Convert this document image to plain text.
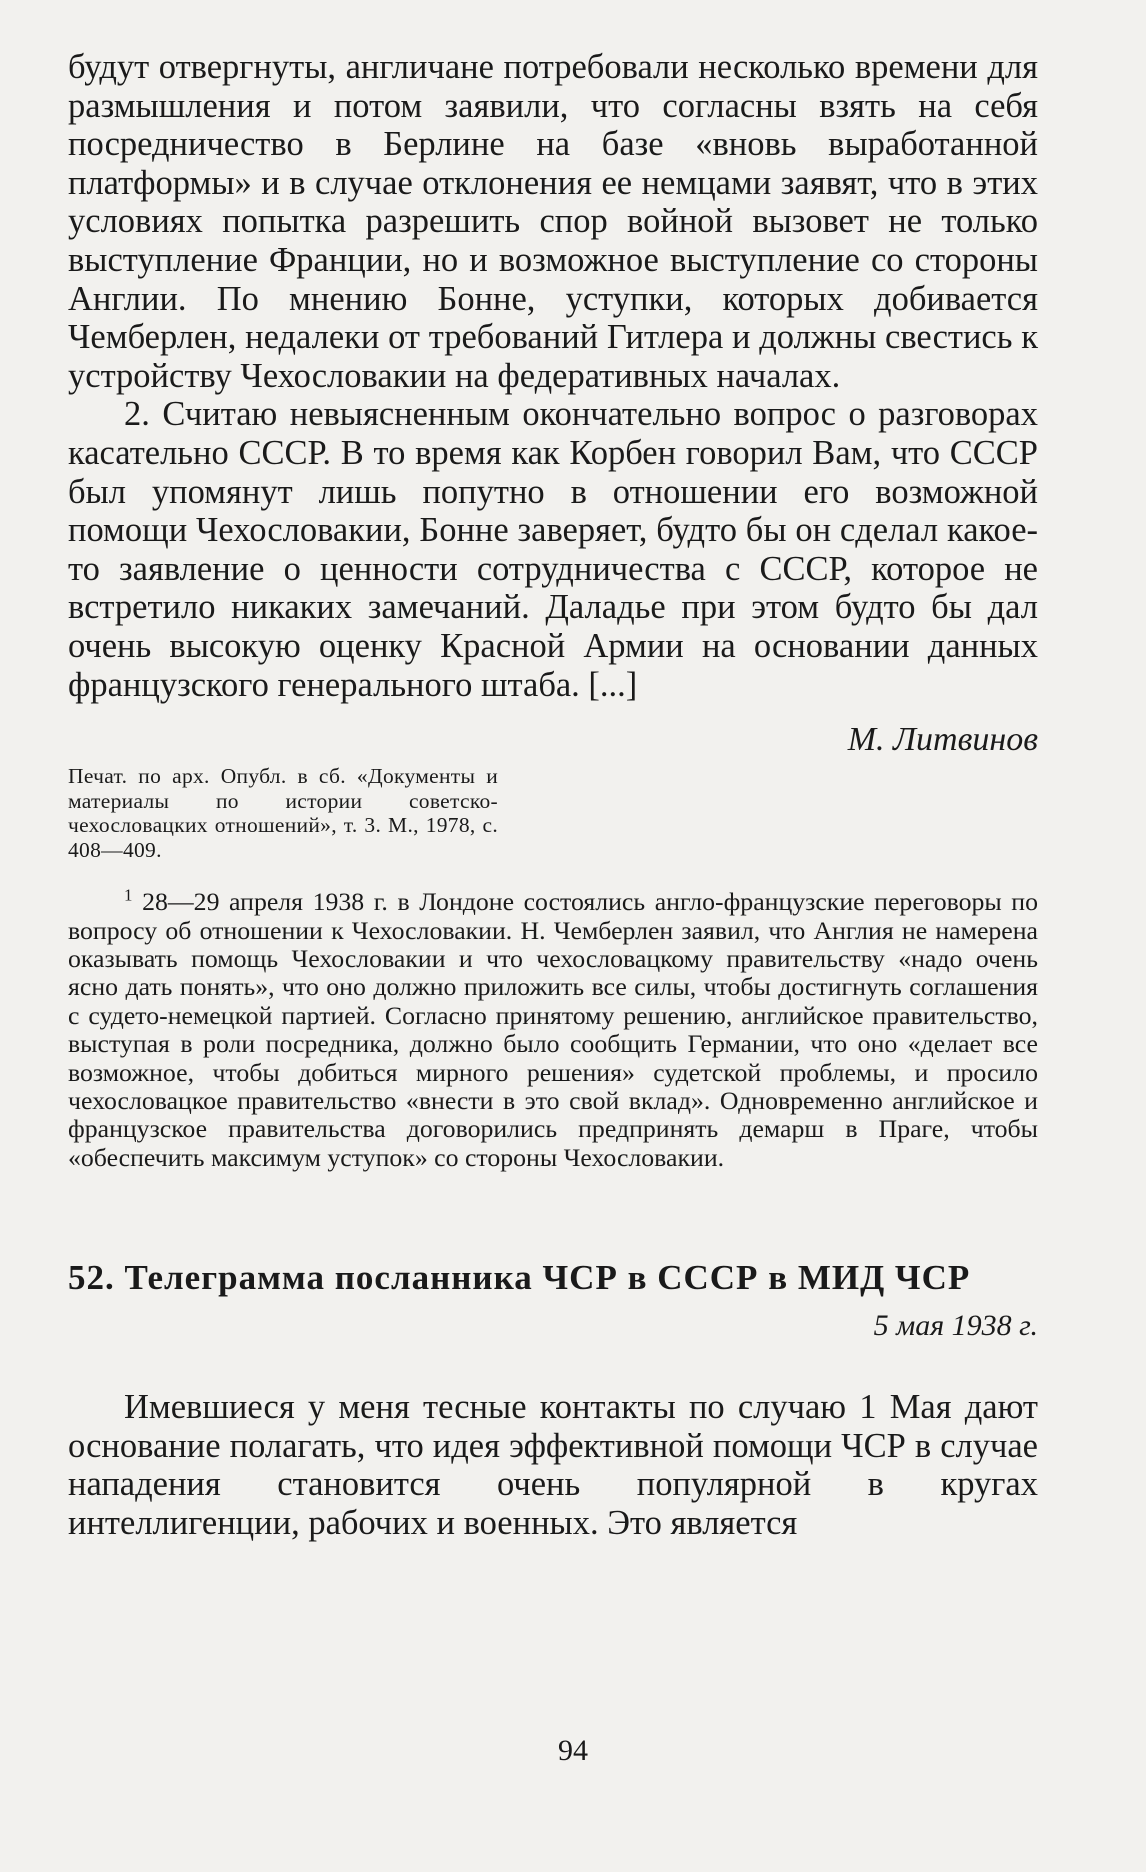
будут отвергнуты, англичане потребовали несколько времени для размышления и потом заявили, что согласны взять на себя посредничество в Берлине на базе «вновь выработанной платформы» и в случае отклонения ее немцами заявят, что в этих условиях попытка разрешить спор войной вызовет не только выступление Франции, но и возможное выступление со стороны Англии. По мнению Бонне, уступки, которых добивается Чемберлен, недалеки от требований Гитлера и должны свестись к устройству Чехословакии на федеративных началах.

2. Считаю невыясненным окончательно вопрос о разговорах касательно СССР. В то время как Корбен говорил Вам, что СССР был упомянут лишь попутно в отношении его возможной помощи Чехословакии, Бонне заверяет, будто бы он сделал какое-то заявление о ценности сотрудничества с СССР, которое не встретило никаких замечаний. Даладье при этом будто бы дал очень высокую оценку Красной Армии на основании данных французского генерального штаба. [...]

М. Литвинов

Печат. по арх. Опубл. в сб. «Документы и материалы по истории советско-чехословацких отношений», т. 3. М., 1978, с. 408—409.

$^1$ 28—29 апреля 1938 г. в Лондоне состоялись англо-французские переговоры по вопросу об отношении к Чехословакии. Н. Чемберлен заявил, что Англия не намерена оказывать помощь Чехословакии и что чехословацкому правительству «надо очень ясно дать понять», что оно должно приложить все силы, чтобы достигнуть соглашения с судето-немецкой партией. Согласно принятому решению, английское правительство, выступая в роли посредника, должно было сообщить Германии, что оно «делает все возможное, чтобы добиться мирного решения» судетской проблемы, и просило чехословацкое правительство «внести в это свой вклад». Одновременно английское и французское правительства договорились предпринять демарш в Праге, чтобы «обеспечить максимум уступок» со стороны Чехословакии.

52. Телеграмма посланника ЧСР в СССР в МИД ЧСР

5 мая 1938 г.

Имевшиеся у меня тесные контакты по случаю 1 Мая дают основание полагать, что идея эффективной помощи ЧСР в случае нападения становится очень популярной в кругах интеллигенции, рабочих и военных. Это является

94
